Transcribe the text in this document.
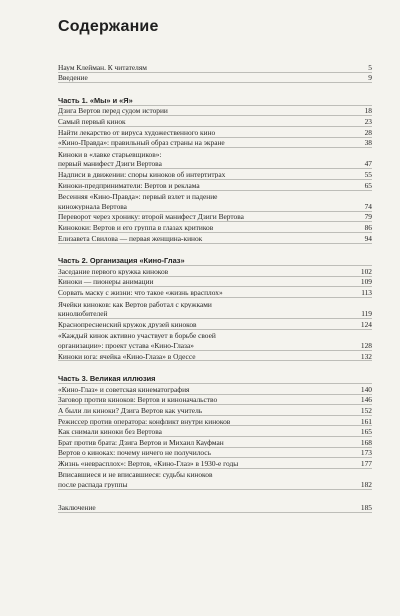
Содержание
Наум Клейман. К читателям	5
Введение	9
Часть 1. «Мы» и «Я»
Дзига Вертов перед судом истории	18
Самый первый кинок	23
Найти лекарство от вируса художественного кино	28
«Кино-Правда»: правильный образ страны на экране	38
Киноки в «лавке старьевщиков»:
первый манифест Дзиги Вертова	47
Надписи в движении: споры киноков об интертитрах	55
Киноки-предприниматели: Вертов и реклама	65
Весенняя «Кино-Правда»: первый взлет и падение
киножурнала Вертова	74
Переворот через хронику: второй манифест Дзиги Вертова	79
Кинококи: Вертов и его группа в глазах критиков	86
Елизавета Свилова — первая женщина-кинок	94
Часть 2. Организация «Кино-Глаз»
Заседание первого кружка киноков	102
Киноки — пионеры анимации	109
Сорвать маску с жизни: что такое «жизнь врасплох»	113
Ячейки киноков: как Вертов работал с кружками
кинолюбителей	119
Краснопресненский кружок друзей киноков	124
«Каждый кинок активно участвует в борьбе своей
организации»: проект устава «Кино-Глаза»	128
Киноки юга: ячейка «Кино-Глаза» в Одессе	132
Часть 3. Великая иллюзия
«Кино-Глаз» и советская кинематография	140
Заговор против киноков: Вертов и киноначальство	146
А были ли киноки? Дзига Вертов как учитель	152
Режиссер против оператора: конфликт внутри киноков	161
Как снимали киноки без Вертова	165
Брат против брата: Дзига Вертов и Михаил Кауфман	168
Вертов о киноках: почему ничего не получилось	173
Жизнь «неврасплох»: Вертов, «Кино-Глаз» в 1930-е годы	177
Вписавшиеся и не вписавшиеся: судьбы киноков
после распада группы	182
Заключение	185
